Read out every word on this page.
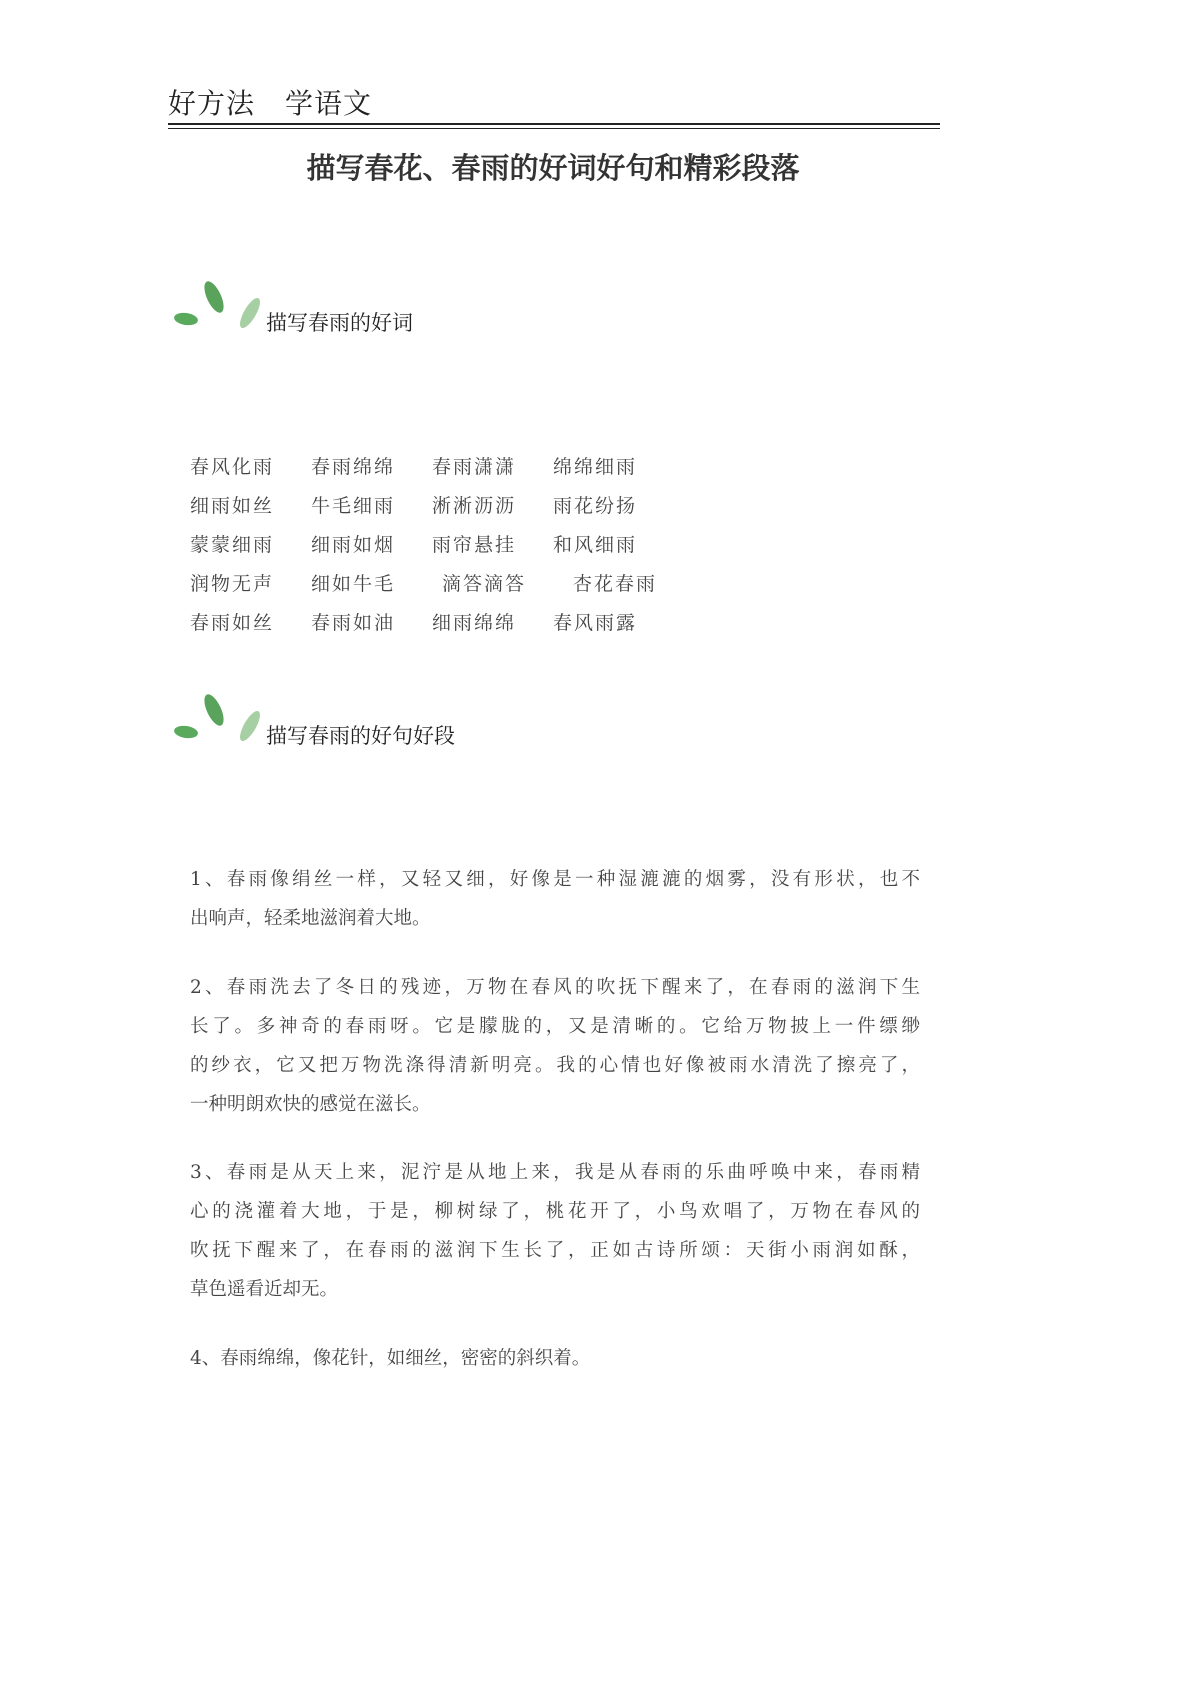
好方法 学语文
描写春花、春雨的好词好句和精彩段落
描写春雨的好词
春风化雨	春雨绵绵	春雨潇潇	绵绵细雨
细雨如丝	牛毛细雨	淅淅沥沥	雨花纷扬
蒙蒙细雨	细雨如烟	雨帘悬挂	和风细雨
润物无声	细如牛毛	滴答滴答	杏花春雨
春雨如丝	春雨如油	细雨绵绵	春风雨露
描写春雨的好句好段
1、春雨像绢丝一样，又轻又细，好像是一种湿漉漉的烟雾，没有形状，也不
出响声，轻柔地滋润着大地。
2、春雨洗去了冬日的残迹，万物在春风的吹抚下醒来了，在春雨的滋润下生
长了。多神奇的春雨呀。它是朦胧的，又是清晰的。它给万物披上一件缥缈
的纱衣，它又把万物洗涤得清新明亮。我的心情也好像被雨水清洗了擦亮了，
一种明朗欢快的感觉在滋长。
3、春雨是从天上来，泥泞是从地上来，我是从春雨的乐曲呼唤中来，春雨精
心的浇灌着大地，于是，柳树绿了，桃花开了，小鸟欢唱了，万物在春风的
吹抚下醒来了，在春雨的滋润下生长了，正如古诗所颂：天街小雨润如酥，
草色遥看近却无。
4、春雨绵绵，像花针，如细丝，密密的斜织着。
